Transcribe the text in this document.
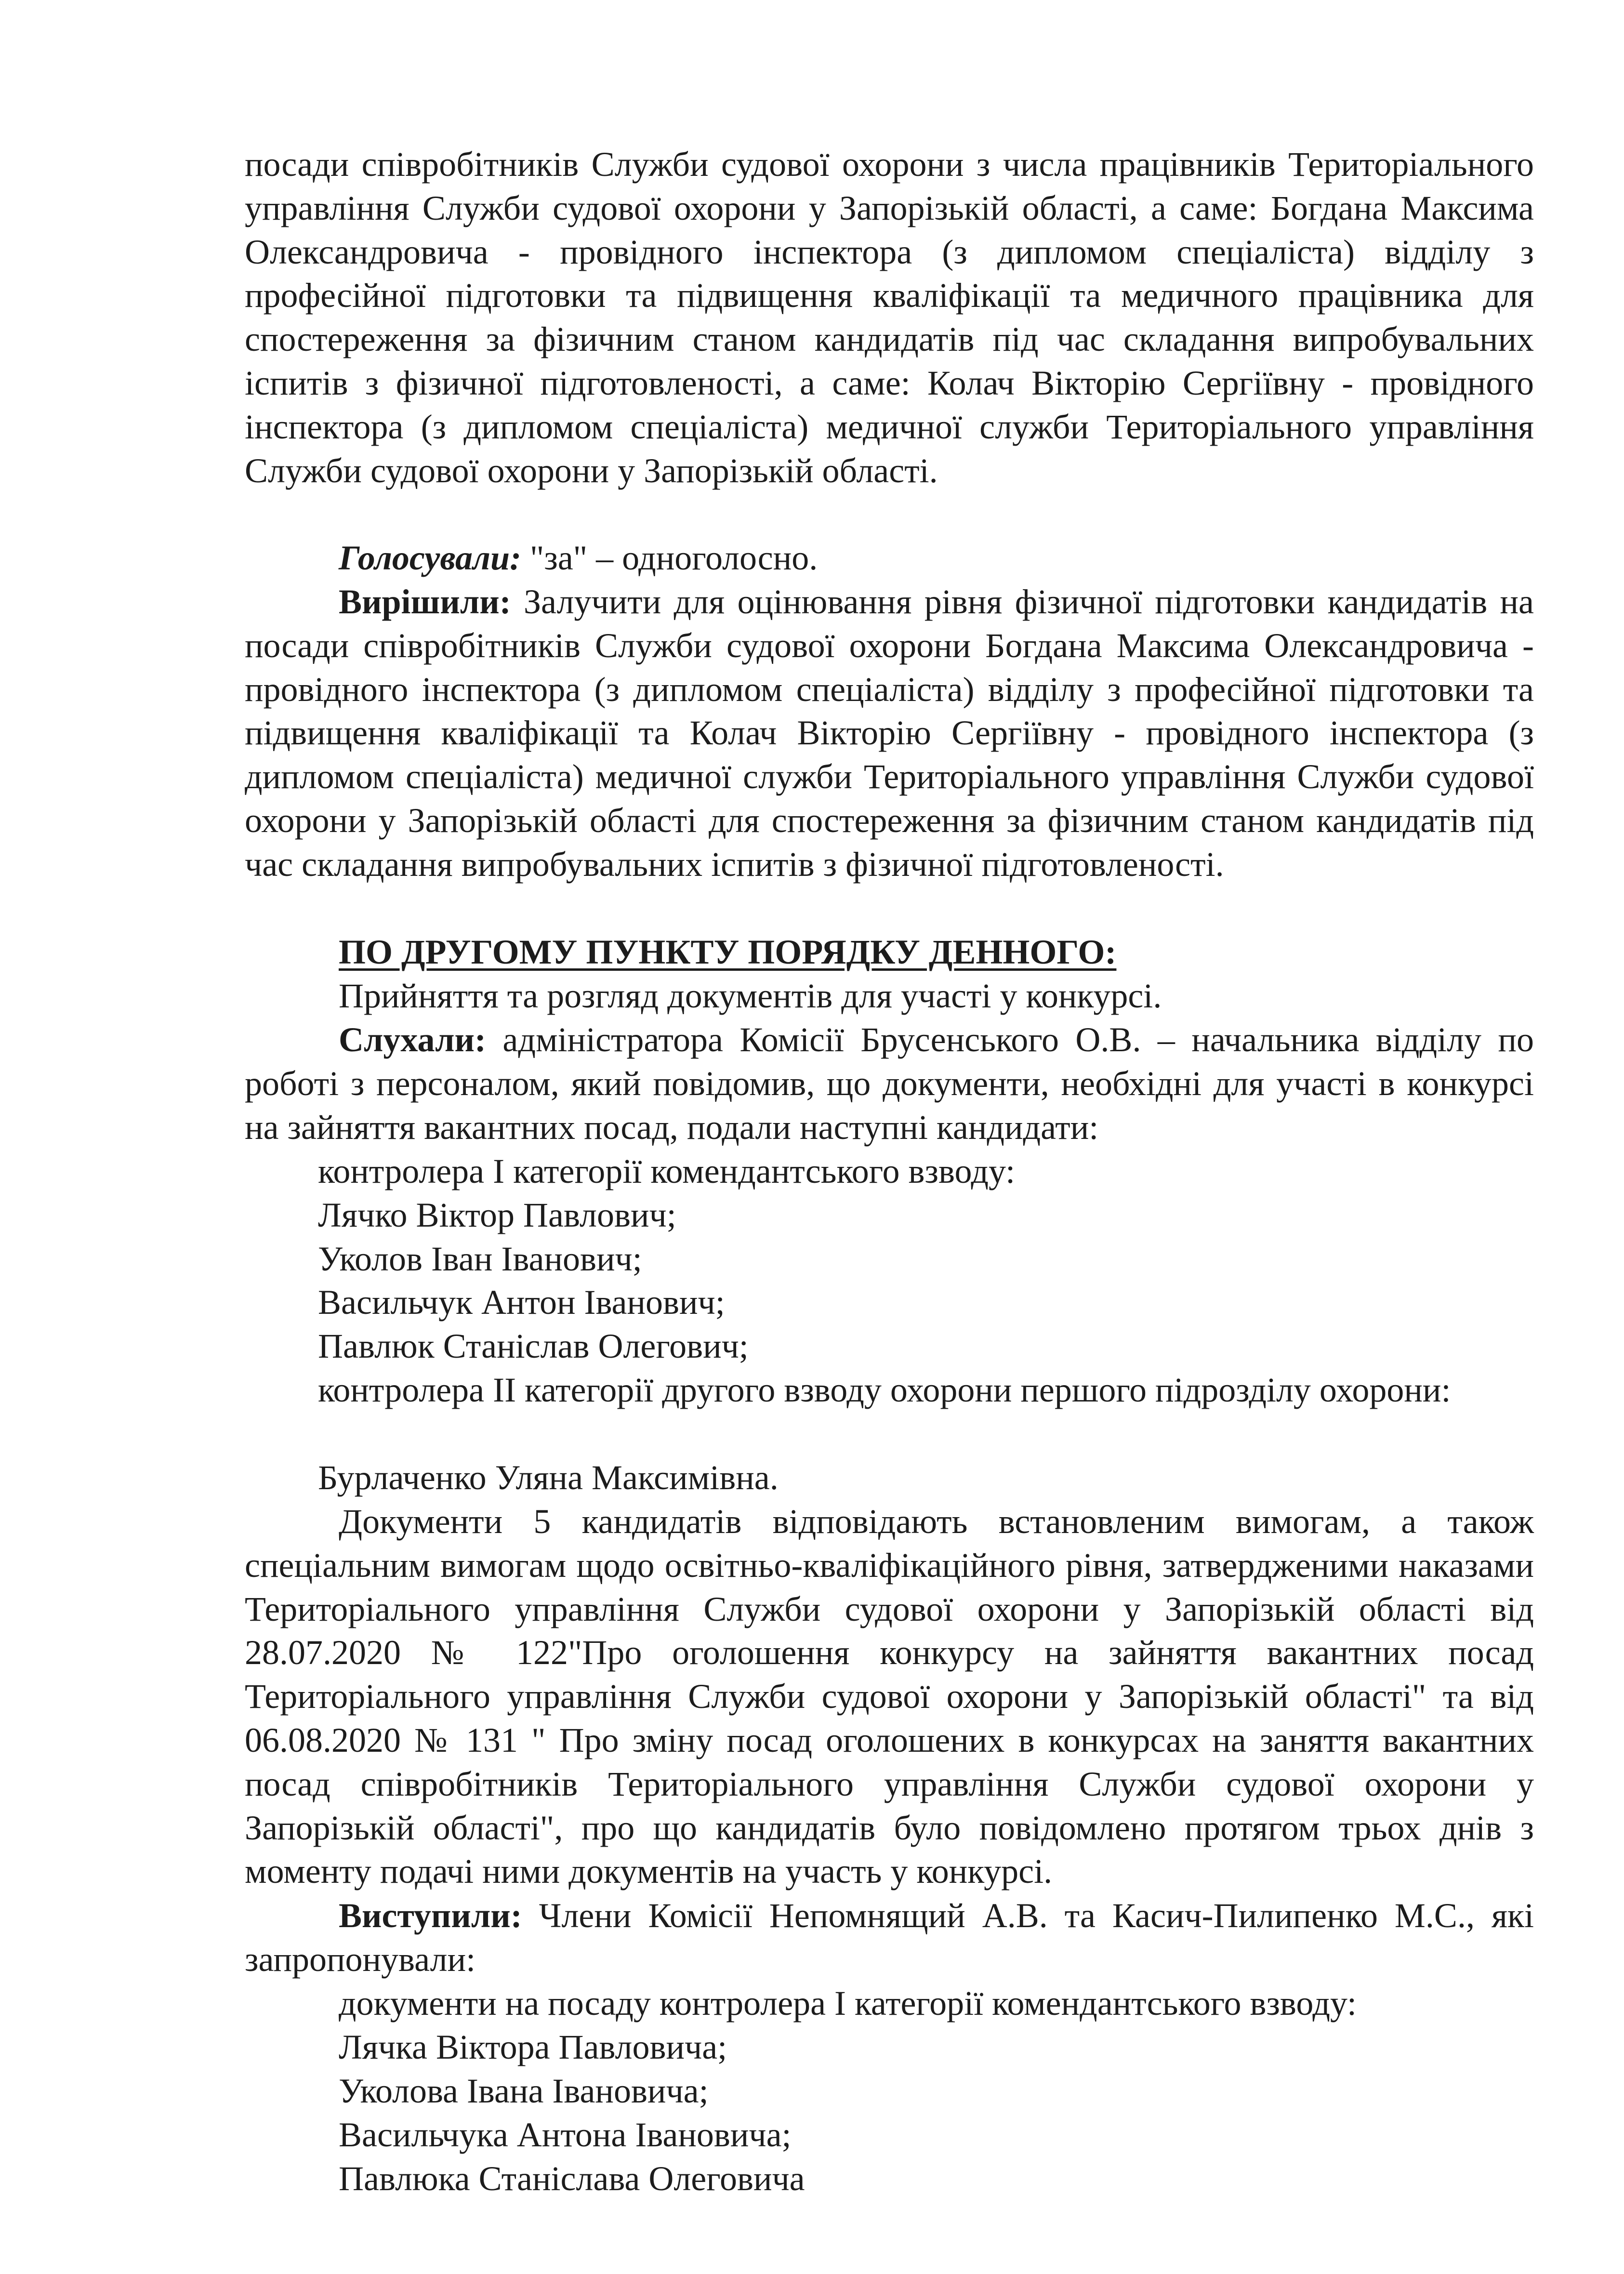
посади співробітників Служби судової охорони з числа працівників Територіального управління Служби судової охорони у Запорізькій області, а саме: Богдана Максима Олександровича - провідного інспектора (з дипломом спеціаліста) відділу з професійної підготовки та підвищення кваліфікації та медичного працівника для спостереження за фізичним станом кандидатів під час складання випробувальних іспитів з фізичної підготовленості, а саме: Колач Вікторію Сергіївну - провідного інспектора (з дипломом спеціаліста) медичної служби Територіального управління Служби судової охорони у Запорізькій області.

Голосували: "за" – одноголосно.

Вирішили: Залучити для оцінювання рівня фізичної підготовки кандидатів на посади співробітників Служби судової охорони Богдана Максима Олександровича - провідного інспектора (з дипломом спеціаліста) відділу з професійної підготовки та підвищення кваліфікації та Колач Вікторію Сергіївну - провідного інспектора (з дипломом спеціаліста) медичної служби Територіального управління Служби судової охорони у Запорізькій області для спостереження за фізичним станом кандидатів під час складання випробувальних іспитів з фізичної підготовленості.

ПО ДРУГОМУ ПУНКТУ ПОРЯДКУ ДЕННОГО:

Прийняття та розгляд документів для участі у конкурсі.

Слухали: адміністратора Комісії Брусенського О.В. – начальника відділу по роботі з персоналом, який повідомив, що документи, необхідні для участі в конкурсі на зайняття вакантних посад, подали наступні кандидати:

контролера І категорії комендантського взводу:

Лячко Віктор Павлович;

Уколов Іван Іванович;

Васильчук Антон Іванович;

Павлюк Станіслав Олегович;

контролера ІІ категорії другого взводу охорони першого підрозділу охорони:

Бурлаченко Уляна Максимівна.

Документи 5 кандидатів відповідають встановленим вимогам, а також спеціальним вимогам щодо освітньо-кваліфікаційного рівня, затвердженими наказами Територіального управління Служби судової охорони у Запорізькій області від 28.07.2020 № 122"Про оголошення конкурсу на зайняття вакантних посад Територіального управління Служби судової охорони у Запорізькій області" та від 06.08.2020 № 131 " Про зміну посад оголошених в конкурсах на заняття вакантних посад співробітників Територіального управління Служби судової охорони у Запорізькій області", про що кандидатів було повідомлено протягом трьох днів з моменту подачі ними документів на участь у конкурсі.

Виступили: Члени Комісії Непомнящий А.В. та Касич-Пилипенко М.С., які запропонували:

документи на посаду контролера І категорії комендантського взводу:

Лячка Віктора Павловича;

Уколова Івана Івановича;

Васильчука Антона Івановича;

Павлюка Станіслава Олеговича
